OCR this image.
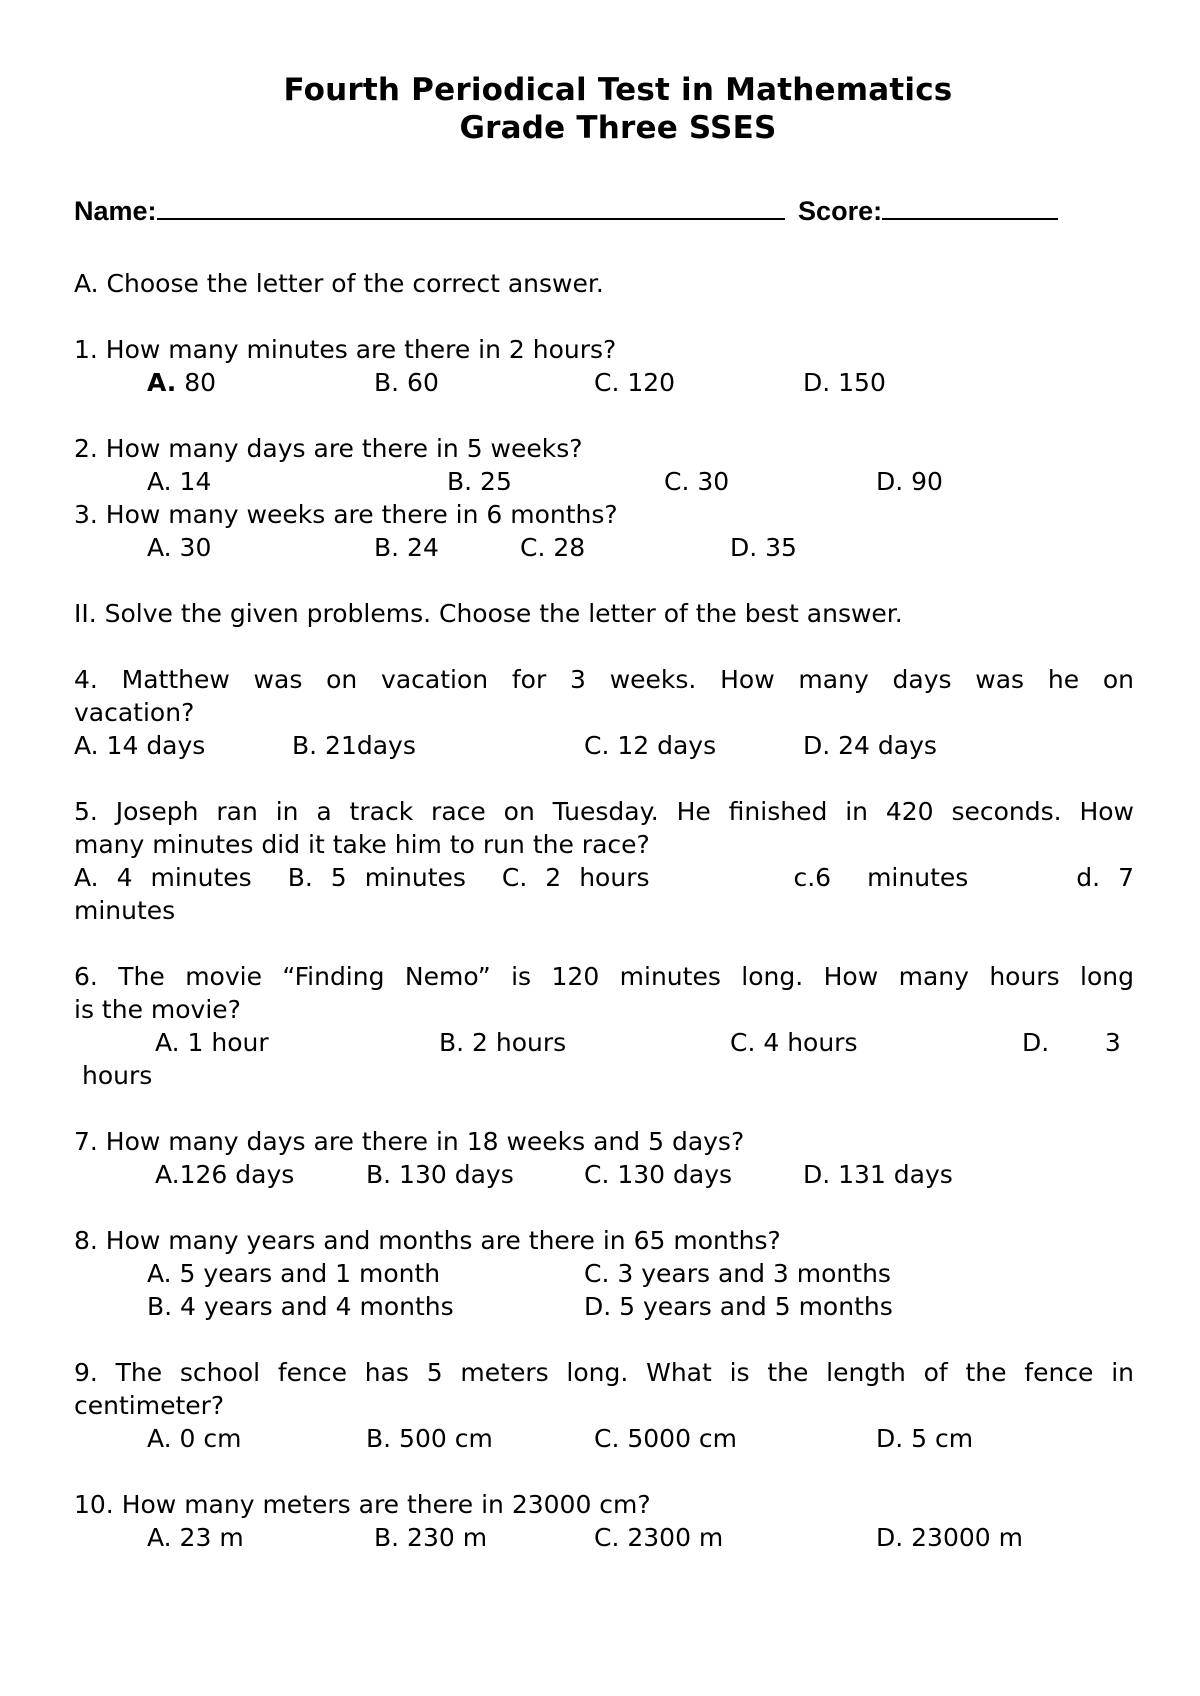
Fourth Periodical Test in Mathematics
Grade Three SSES
Name:	Score:
A. Choose the letter of the correct answer.
1. How many minutes are there in 2 hours?
A. 80	B. 60	C. 120	D. 150
2. How many days are there in 5 weeks?
A. 14	B. 25	C. 30	D. 90
3. How many weeks are there in 6 months?
A. 30	B. 24	C. 28	D. 35
II. Solve the given problems. Choose the letter of the best answer.
4. Matthew was on vacation for 3 weeks. How many days was he on
vacation?
A. 14 days	B. 21days	C. 12 days	D. 24 days
5. Joseph ran in a track race on Tuesday. He finished in 420 seconds. How
many minutes did it take him to run the race?
A. 4 minutes  B. 5 minutes  C. 2 hours        c.6  minutes      d. 7
minutes
6. The movie “Finding Nemo” is 120 minutes long. How many hours long
is the movie?
A. 1 hour	B. 2 hours	C. 4 hours	D.       3
hours
7. How many days are there in 18 weeks and 5 days?
A.126 days	B. 130 days	C. 130 days	D. 131 days
8. How many years and months are there in 65 months?
A. 5 years and 1 month	C. 3 years and 3 months
B. 4 years and 4 months	D. 5 years and 5 months
9. The school fence has 5 meters long. What is the length of the fence in
centimeter?
A. 0 cm	B. 500 cm	C. 5000 cm	D. 5 cm
10. How many meters are there in 23000 cm?
A. 23 m	B. 230 m	C. 2300 m	D. 23000 m
